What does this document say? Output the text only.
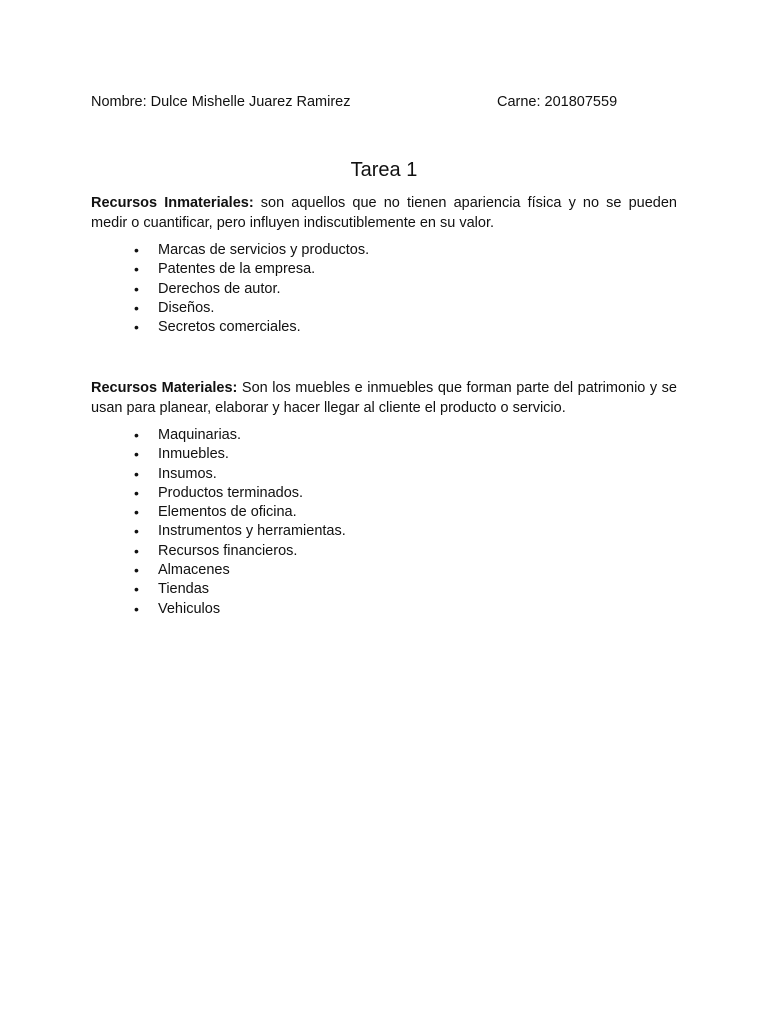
Nombre: Dulce Mishelle Juarez Ramirez	Carne: 201807559
Tarea 1

Recursos Inmateriales: son aquellos que no tienen apariencia física y no se pueden medir o cuantificar, pero influyen indiscutiblemente en su valor.

• Marcas de servicios y productos.
• Patentes de la empresa.
• Derechos de autor.
• Diseños.
• Secretos comerciales.

Recursos Materiales: Son los muebles e inmuebles que forman parte del patrimonio y se usan para planear, elaborar y hacer llegar al cliente el producto o servicio.

• Maquinarias.
• Inmuebles.
• Insumos.
• Productos terminados.
• Elementos de oficina.
• Instrumentos y herramientas.
• Recursos financieros.
• Almacenes
• Tiendas
• Vehiculos
